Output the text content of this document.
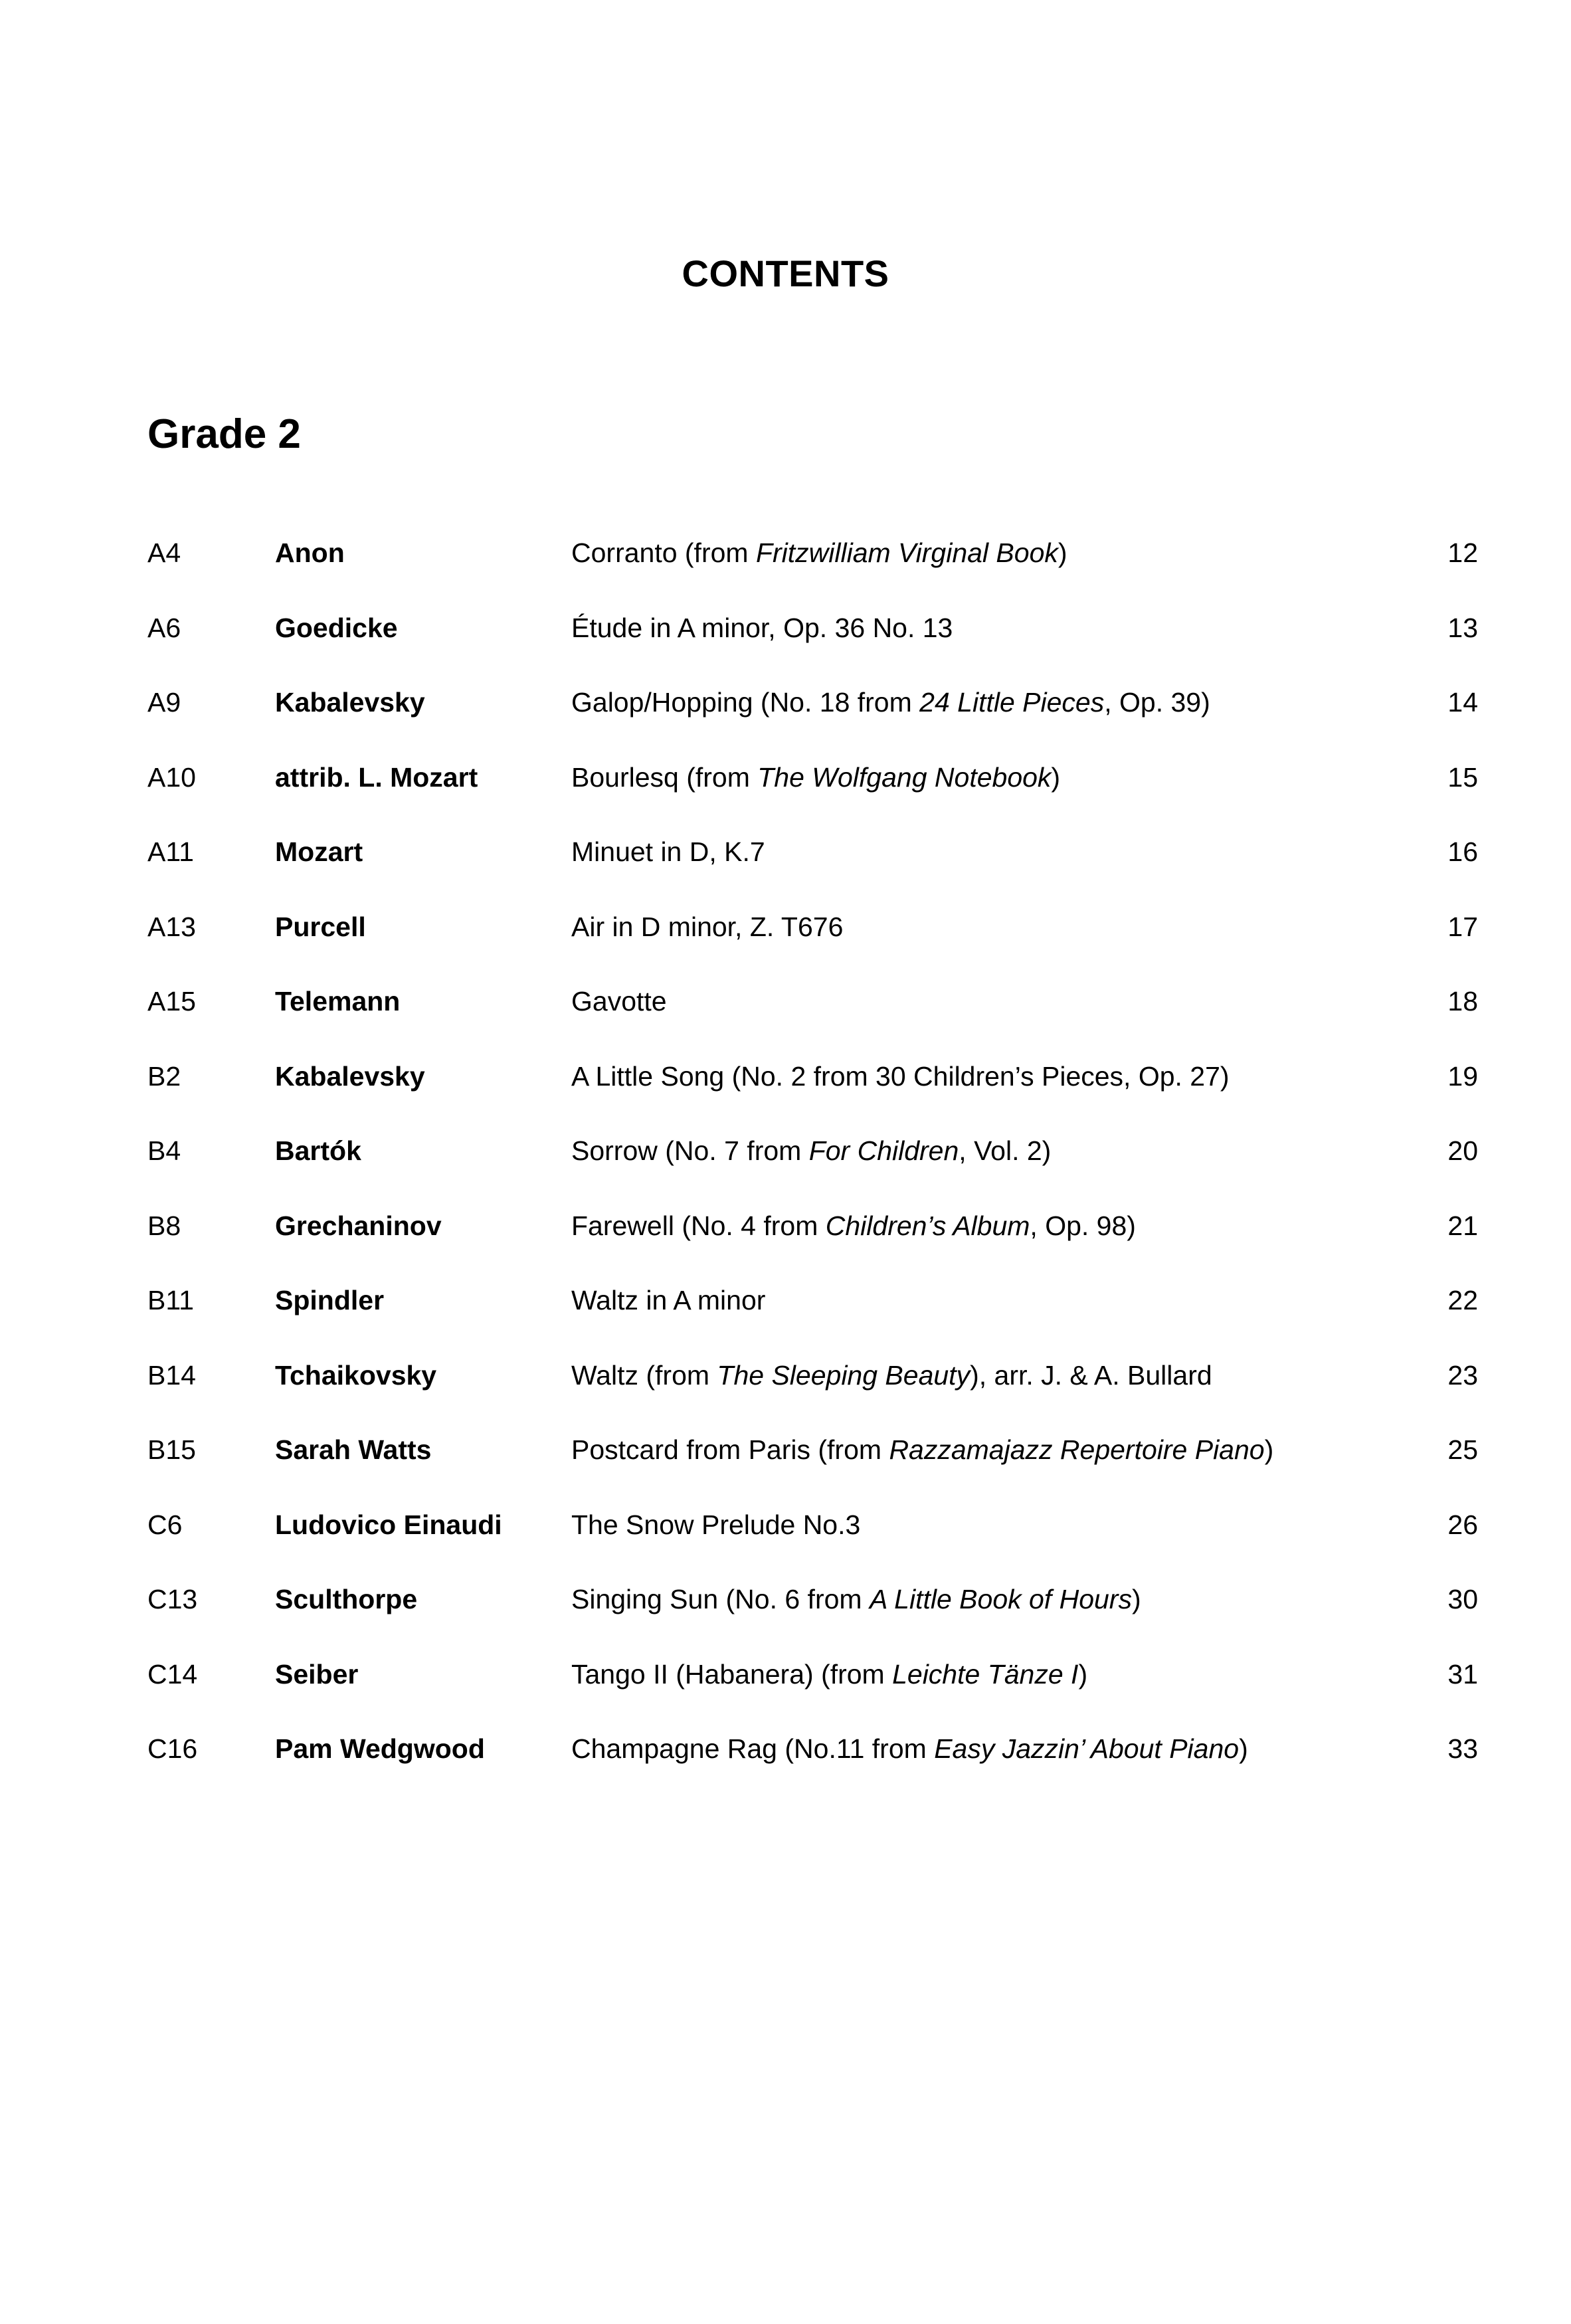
CONTENTS
Grade 2
A4	Anon	Corranto (from Fritzwilliam Virginal Book)	12
A6	Goedicke	Étude in A minor, Op. 36 No. 13	13
A9	Kabalevsky	Galop/Hopping (No. 18 from 24 Little Pieces, Op. 39)	14
A10	attrib. L. Mozart	Bourlesq (from The Wolfgang Notebook)	15
A11	Mozart	Minuet in D, K.7	16
A13	Purcell	Air in D minor, Z. T676	17
A15	Telemann	Gavotte	18
B2	Kabalevsky	A Little Song (No. 2 from 30 Children’s Pieces, Op. 27)	19
B4	Bartók	Sorrow (No. 7 from For Children, Vol. 2)	20
B8	Grechaninov	Farewell (No. 4 from Children’s Album, Op. 98)	21
B11	Spindler	Waltz in A minor	22
B14	Tchaikovsky	Waltz (from The Sleeping Beauty), arr. J. & A. Bullard	23
B15	Sarah Watts	Postcard from Paris (from Razzamajazz Repertoire Piano)	25
C6	Ludovico Einaudi	The Snow Prelude No.3	26
C13	Sculthorpe	Singing Sun (No. 6 from A Little Book of Hours)	30
C14	Seiber	Tango II (Habanera) (from Leichte Tänze I)	31
C16	Pam Wedgwood	Champagne Rag (No.11 from Easy Jazzin’ About Piano)	33
